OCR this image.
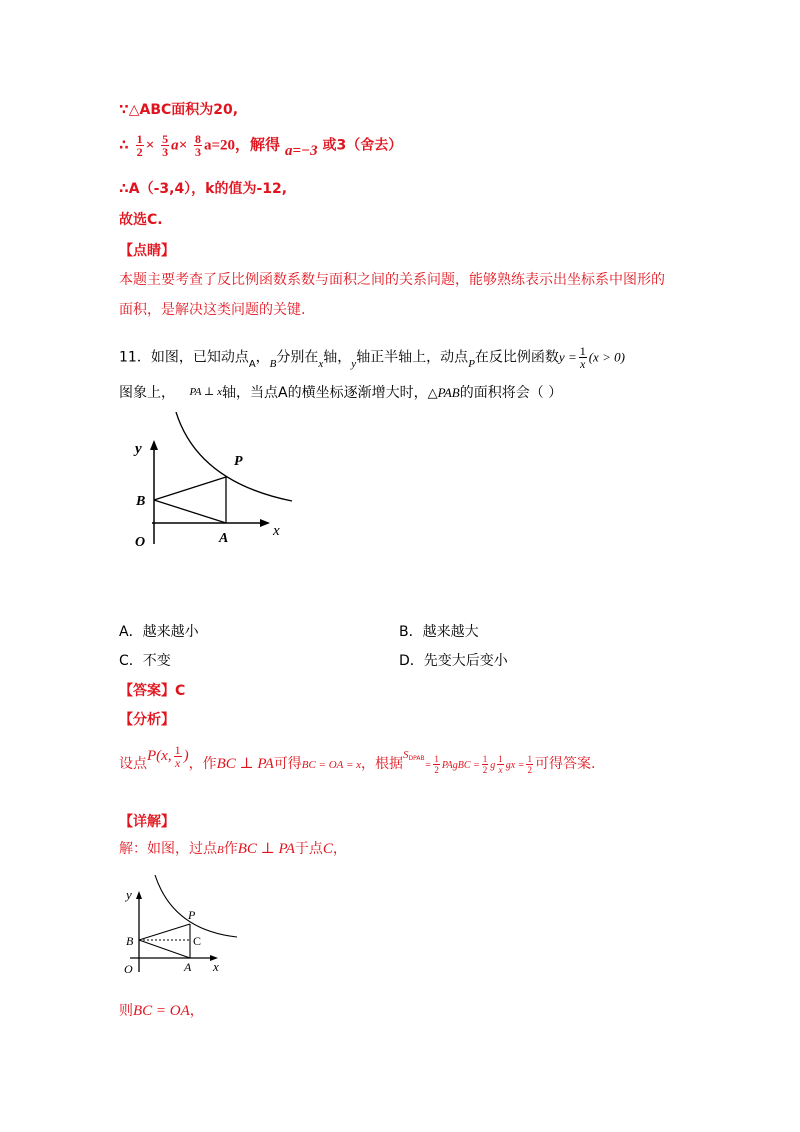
∵△ABC面积为20,
∴ $\frac{1}{2} \times \frac{5}{3} a\times \frac{8}{3} a=20$，解得 a=−3 或3（舍去）
∴A（-3,4），k的值为-12,
故选C.
【点睛】
本题主要考查了反比例函数系数与面积之间的关系问题，能够熟练表示出坐标系中图形的
面积，是解决这类问题的关键.
11．如图，已知动点$_A$，$_B$分别在$_x$轴，$_y$轴正半轴上，动点$_P$在反比例函数$y = \frac{1}{x} (x > 0)$
图象上， PA ⊥ x轴，当点A的横坐标逐渐增大时，△PAB的面积将会（ ）
y
x
O
B
A
P
A．越来越小	B．越来越大
C．不变	D．先变大后变小
【答案】C
【分析】
设点P(x, $\frac{1}{x}$ )，作BC ⊥ PA可得BC = OA = x，根据$^{SDPAB}= \frac{1}{2}$ PAgBC = $\frac{1}{2}$ g $\frac{1}{x}$ gx = $\frac{1}{2}$ 可得答案.
【详解】
解：如图，过点B作BC ⊥ PA于点C，
y
x
O
B
A
P
C
则BC = OA，
